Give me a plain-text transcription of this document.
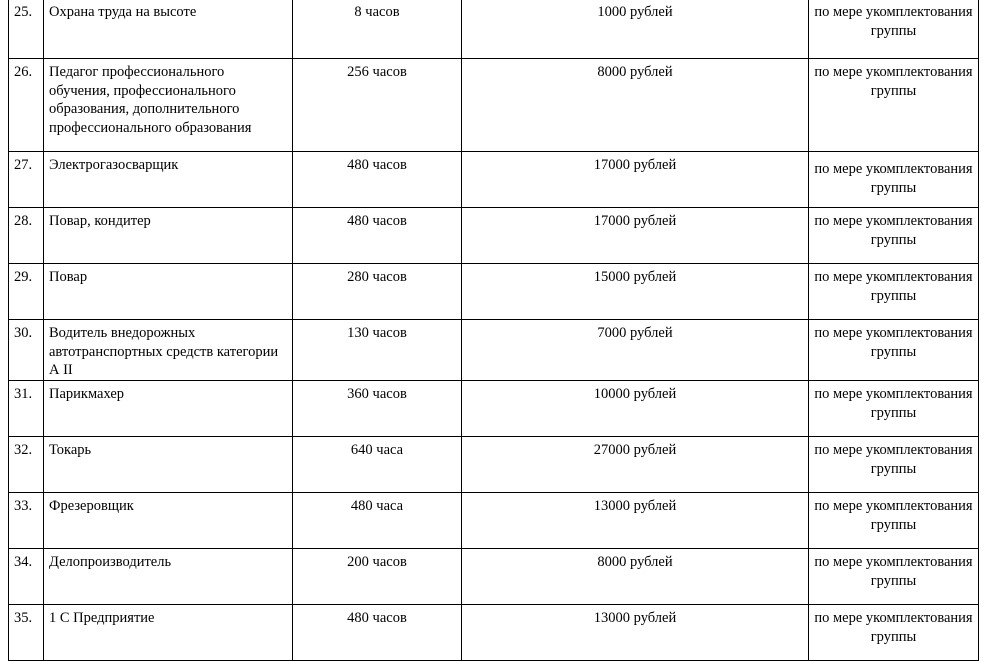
25.	Охрана труда на высоте	8 часов	1000 рублей	по мере укомплектования группы
26.	Педагог профессионального обучения, профессионального образования, дополнительного профессионального образования	256 часов	8000 рублей	по мере укомплектования группы
27.	Электрогазосварщик	480 часов	17000 рублей	по мере укомплектования группы
28.	Повар, кондитер	480 часов	17000 рублей	по мере укомплектования группы
29.	Повар	280 часов	15000 рублей	по мере укомплектования группы
30.	Водитель внедорожных автотранспортных средств категории А II	130 часов	7000 рублей	по мере укомплектования группы
31.	Парикмахер	360 часов	10000 рублей	по мере укомплектования группы
32.	Токарь	640 часа	27000 рублей	по мере укомплектования группы
33.	Фрезеровщик	480 часа	13000 рублей	по мере укомплектования группы
34.	Делопроизводитель	200 часов	8000 рублей	по мере укомплектования группы
35.	1 С Предприятие	480 часов	13000 рублей	по мере укомплектования группы
